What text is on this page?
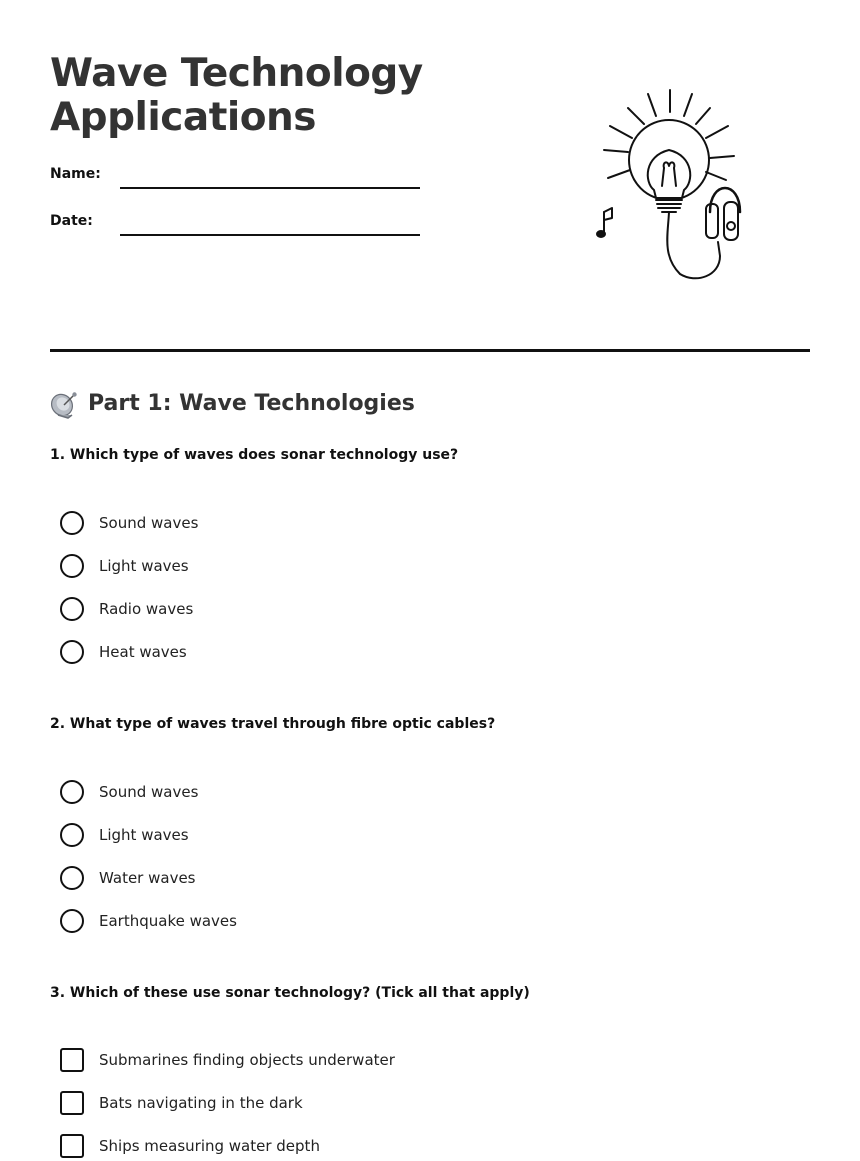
Wave Technology
Applications
Name:
Date:
Part 1: Wave Technologies

1. Which type of waves does sonar technology use?

Sound waves
Light waves
Radio waves
Heat waves

2. What type of waves travel through fibre optic cables?

Sound waves
Light waves
Water waves
Earthquake waves

3. Which of these use sonar technology? (Tick all that apply)

Submarines finding objects underwater
Bats navigating in the dark
Ships measuring water depth
